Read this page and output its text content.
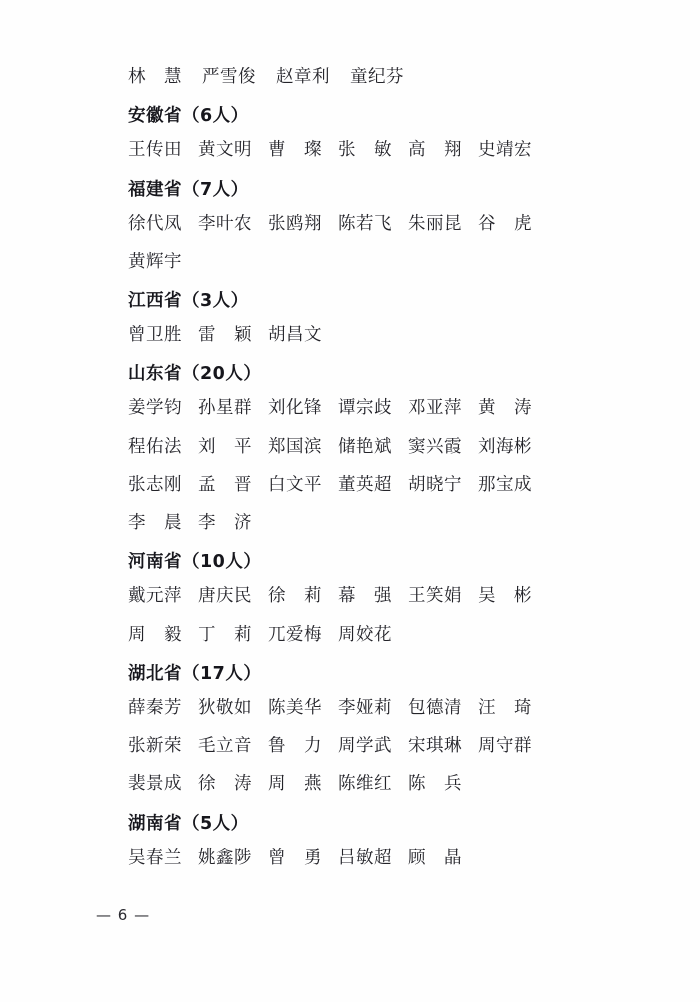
林　慧 严雪俊 赵章利 童纪芬
安徽省（6人）
王传田 黄文明 曹　璨 张　敏 高　翔 史靖宏
福建省（7人）
徐代凤 李叶农 张鸥翔 陈若飞 朱丽昆 谷　虎
黄辉宇
江西省（3人）
曾卫胜 雷　颖 胡昌文
山东省（20人）
姜学钧 孙星群 刘化锋 谭宗歧 邓亚萍 黄　涛
程佑法 刘　平 郑国滨 储艳斌 窦兴霞 刘海彬
张志刚 孟　晋 白文平 董英超 胡晓宁 那宝成
李　晨 李　济
河南省（10人）
戴元萍 唐庆民 徐　莉 幕　强 王笑娟 吴　彬
周　毅 丁　莉 兀爱梅 周姣花
湖北省（17人）
薛秦芳 狄敬如 陈美华 李娅莉 包德清 汪　琦
张新荣 毛立音 鲁　力 周学武 宋琪琳 周守群
裴景成 徐　涛 周　燕 陈维红 陈　兵
湖南省（5人）
吴春兰 姚鑫陟 曾　勇 吕敏超 顾　晶
— 6 —
